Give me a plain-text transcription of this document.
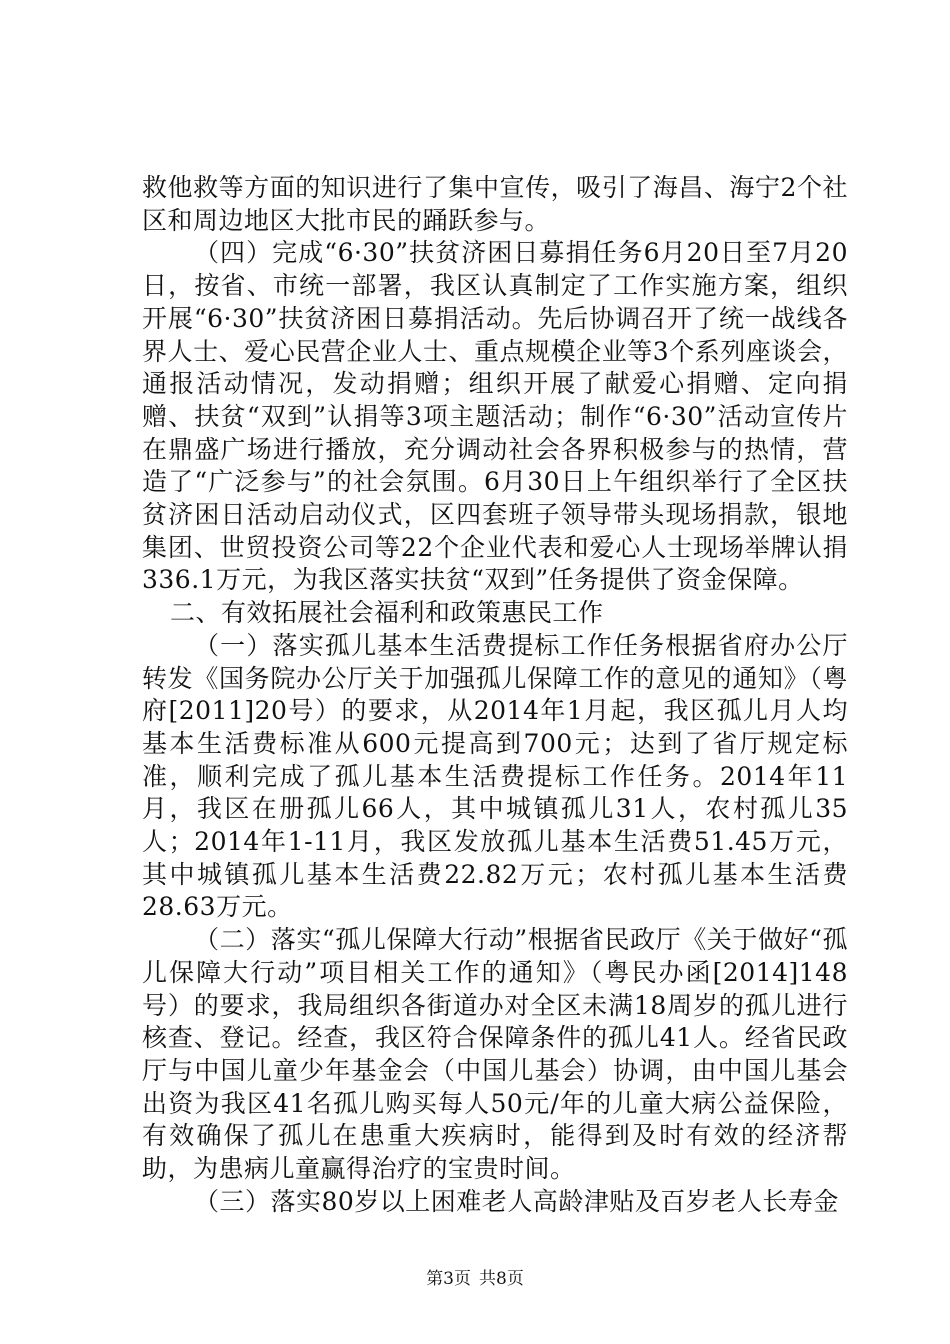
救他救等方面的知识进行了集中宣传，吸引了海昌、海宁2个社区和周边地区大批市民的踊跃参与。

（四）完成“6·30”扶贫济困日募捐任务6月20日至7月20日，按省、市统一部署，我区认真制定了工作实施方案，组织开展“6·30”扶贫济困日募捐活动。先后协调召开了统一战线各界人士、爱心民营企业人士、重点规模企业等3个系列座谈会，通报活动情况，发动捐赠；组织开展了献爱心捐赠、定向捐赠、扶贫“双到”认捐等3项主题活动；制作“6·30”活动宣传片在鼎盛广场进行播放，充分调动社会各界积极参与的热情，营造了“广泛参与”的社会氛围。6月30日上午组织举行了全区扶贫济困日活动启动仪式，区四套班子领导带头现场捐款，银地集团、世贸投资公司等22个企业代表和爱心人士现场举牌认捐336.1万元，为我区落实扶贫“双到”任务提供了资金保障。

二、有效拓展社会福利和政策惠民工作

（一）落实孤儿基本生活费提标工作任务根据省府办公厅转发《国务院办公厅关于加强孤儿保障工作的意见的通知》（粤府[2011]20号）的要求，从2014年1月起，我区孤儿月人均基本生活费标准从600元提高到700元；达到了省厅规定标准，顺利完成了孤儿基本生活费提标工作任务。2014年11月，我区在册孤儿66人，其中城镇孤儿31人，农村孤儿35人；2014年1-11月，我区发放孤儿基本生活费51.45万元，其中城镇孤儿基本生活费22.82万元；农村孤儿基本生活费28.63万元。

（二）落实“孤儿保障大行动”根据省民政厅《关于做好“孤儿保障大行动”项目相关工作的通知》（粤民办函[2014]148号）的要求，我局组织各街道办对全区未满18周岁的孤儿进行核查、登记。经查，我区符合保障条件的孤儿41人。经省民政厅与中国儿童少年基金会（中国儿基会）协调，由中国儿基会出资为我区41名孤儿购买每人50元/年的儿童大病公益保险，有效确保了孤儿在患重大疾病时，能得到及时有效的经济帮助，为患病儿童赢得治疗的宝贵时间。

（三）落实80岁以上困难老人高龄津贴及百岁老人长寿金

第3页 共8页
